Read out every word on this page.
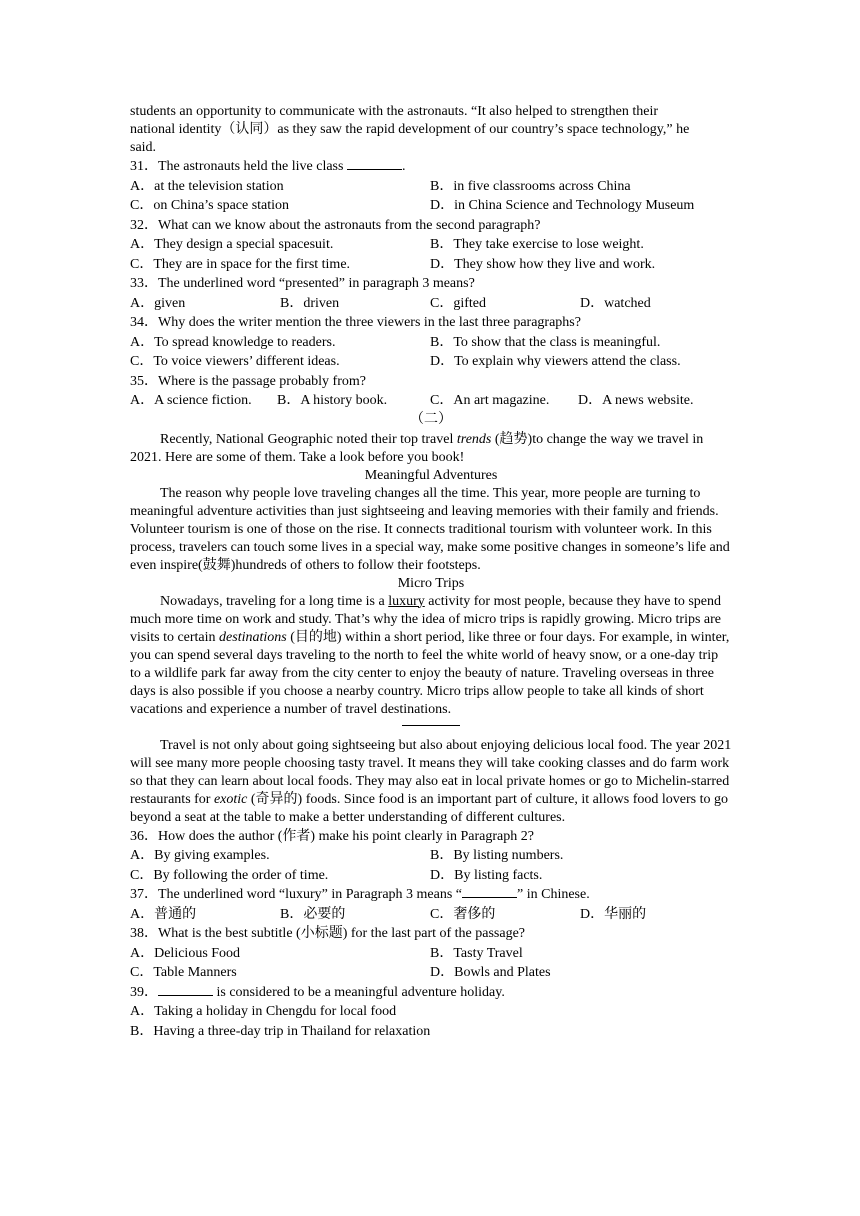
students an opportunity to communicate with the astronauts. “It also helped to strengthen their
national identity（认同）as they saw the rapid development of our country’s space technology,” he
said.

31．The astronauts held the live class	.
A．at the television station	B．in five classrooms across China
C．on China’s space station	D．in China Science and Technology Museum
32．What can we know about the astronauts from the second paragraph?
A．They design a special spacesuit.	B．They take exercise to lose weight.
C．They are in space for the first time.	D．They show how they live and work.
33．The underlined word “presented” in paragraph 3 means?
A．given	B．driven	C．gifted	D．watched
34．Why does the writer mention the three viewers in the last three paragraphs?
A．To spread knowledge to readers.	B．To show that the class is meaningful.
C．To voice viewers’ different ideas.	D．To explain why viewers attend the class.
35．Where is the passage probably from?
A．A science fiction. B．A history book.	C．An art magazine. D．A news website.
（二）

Recently, National Geographic noted their top travel trends (趋势)to change the way we travel in 2021. Here are some of them. Take a look before you book!

Meaningful Adventures

The reason why people love traveling changes all the time. This year, more people are turning to meaningful adventure activities than just sightseeing and leaving memories with their family and friends. Volunteer tourism is one of those on the rise. It connects traditional tourism with volunteer work. In this process, travelers can touch some lives in a special way, make some positive changes in someone’s life and even inspire(鼓舞)hundreds of others to follow their footsteps.

Micro Trips

Nowadays, traveling for a long time is a luxury activity for most people, because they have to spend much more time on work and study. That’s why the idea of micro trips is rapidly growing. Micro trips are visits to certain destinations (目的地) within a short period, like three or four days. For example, in winter, you can spend several days traveling to the north to feel the white world of heavy snow, or a one-day trip to a wildlife park far away from the city center to enjoy the beauty of nature. Traveling overseas in three days is also possible if you choose a nearby country. Micro trips allow people to take all kinds of short vacations and experience a number of travel destinations.

Travel is not only about going sightseeing but also about enjoying delicious local food. The year 2021 will see many more people choosing tasty travel. It means they will take cooking classes and do farm work so that they can learn about local foods. They may also eat in local private homes or go to Michelin-starred restaurants for exotic (奇异的) foods. Since food is an important part of culture, it allows food lovers to go beyond a seat at the table to make a better understanding of different cultures.

36．How does the author (作者) make his point clearly in Paragraph 2?
A．By giving examples.	B．By listing numbers.
C．By following the order of time.	D．By listing facts.
37．The underlined word “luxury” in Paragraph 3 means “	” in Chinese.
A．普通的	B．必要的	C．奢侈的	D．华丽的
38．What is the best subtitle (小标题) for the last part of the passage?
A．Delicious Food	B．Tasty Travel
C．Table Manners	D．Bowls and Plates
39．	is considered to be a meaningful adventure holiday.
A．Taking a holiday in Chengdu for local food
B．Having a three-day trip in Thailand for relaxation
